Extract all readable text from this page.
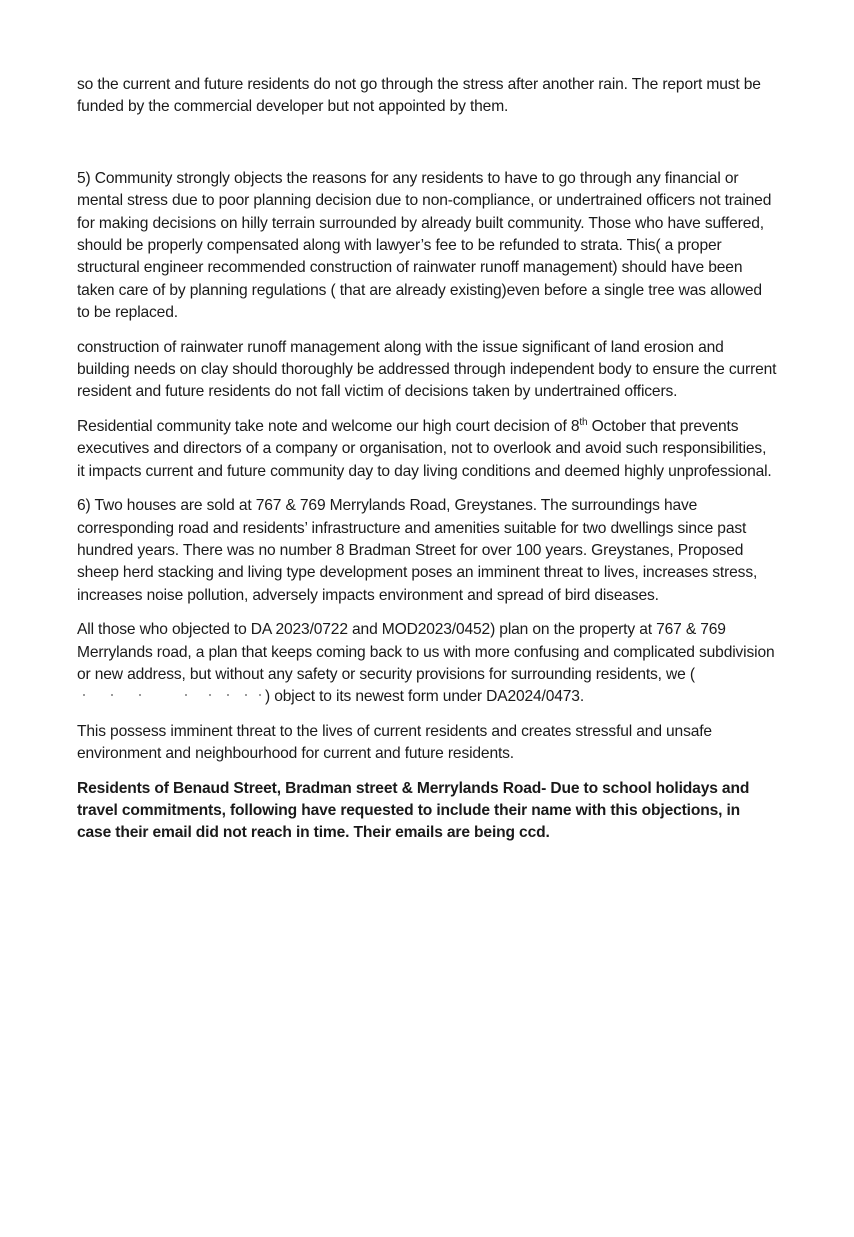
so the current and future residents do not go through the stress after another rain. The report must be funded by the commercial developer but not appointed by them.

5) Community strongly objects the reasons for any residents to have to go through any financial or mental stress due to poor planning decision due to non-compliance, or undertrained officers not trained for making decisions on hilly terrain surrounded by already built community. Those who have suffered, should be properly compensated along with lawyer’s fee to be refunded to strata. This( a proper structural engineer recommended construction of rainwater runoff management) should have been taken care of by planning regulations ( that are already existing)even before a single tree was allowed to be replaced.

construction of rainwater runoff management along with the issue significant of land erosion and building needs on clay should thoroughly be addressed through independent body to ensure the current resident and future residents do not fall victim of decisions taken by undertrained officers.

Residential community take note and welcome our high court decision of 8th October that prevents executives and directors of a company or organisation, not to overlook and avoid such responsibilities, it impacts current and future community day to day living conditions and deemed highly unprofessional.

6) Two houses are sold at 767 & 769 Merrylands Road, Greystanes. The surroundings have corresponding road and residents’ infrastructure and amenities suitable for two dwellings since past hundred years. There was no number 8 Bradman Street for over 100 years. Greystanes, Proposed sheep herd stacking and living type development poses an imminent threat to lives, increases stress, increases noise pollution, adversely impacts environment and spread of bird diseases.

All those who objected to DA 2023/0722 and MOD2023/0452) plan on the property at 767 & 769 Merrylands road, a plan that keeps coming back to us with more confusing and complicated subdivision or new address, but without any safety or security provisions for surrounding residents, we (
) object to its newest form under DA2024/0473.

This possess imminent threat to the lives of current residents and creates stressful and unsafe environment and neighbourhood for current and future residents.

Residents of Benaud Street, Bradman street & Merrylands Road- Due to school holidays and travel commitments, following have requested to include their name with this objections, in case their email did not reach in time. Their emails are being ccd.
